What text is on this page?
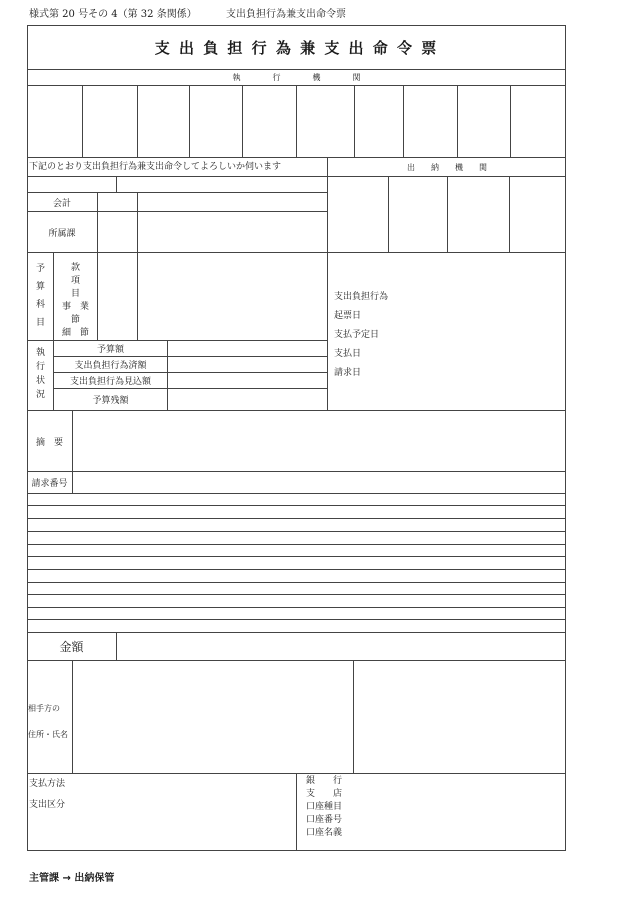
様式第 20 号その 4（第 32 条関係）	支出負担行為兼支出命令票
支 出 負 担 行 為 兼 支 出 命 令 票
執　　　　行　　　　機　　　　関
下記のとおり支出負担行為兼支出命令してよろしいか伺います	出　　納　　機　　関
会計
所属課
予
算
科
目
款
項
目
事　業
節
細　節
支出負担行為
起票日
支払予定日
支払日
請求日
執
行
状
況
予算額
支出負担行為済額
支出負担行為見込額
予算残額
摘　要
請求番号
金額
相手方の
住所・氏名
支払方法
支出区分
銀　　行
支　　店
口座種目
口座番号
口座名義
主管課 → 出納保管
